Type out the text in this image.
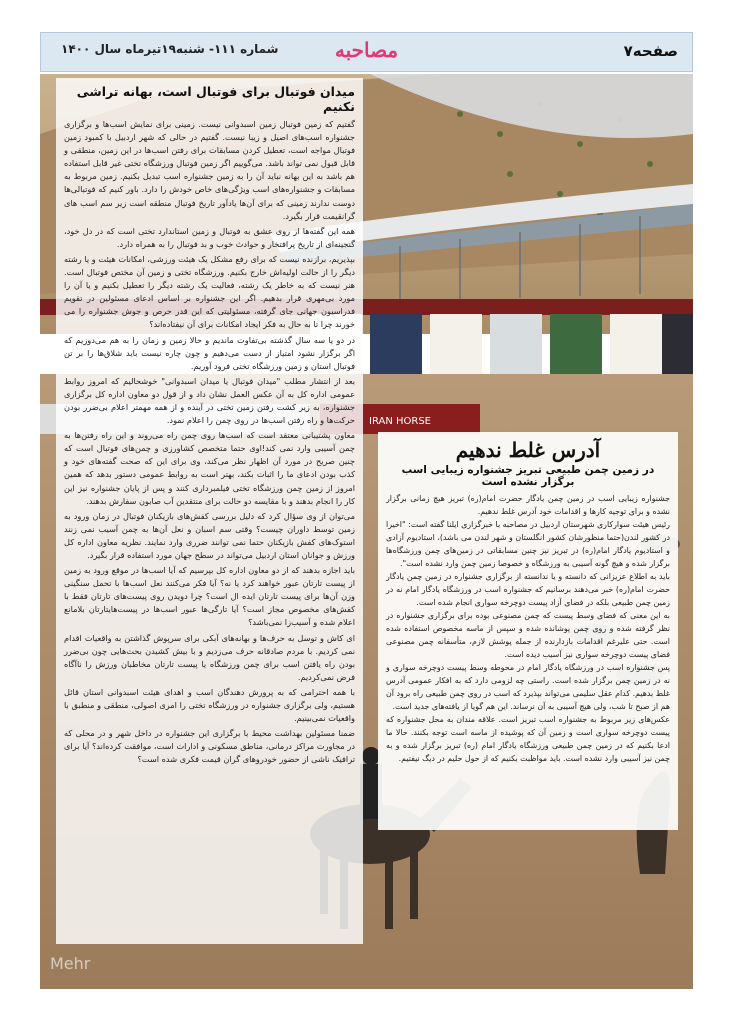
صفحه۷
مصاحبه
شماره ۱۱۱- شنبه۱۹تیرماه سال ۱۴۰۰
IRAN HORSE
Mehr
میدان فوتبال برای فوتبال است، بهانه تراشی نکنیم

گفتیم که زمین فوتبال زمین اسبدوانی نیست. زمینی برای نمایش اسب‌ها و برگزاری جشنواره اسب‌های اصیل و زیبا نیست. گفتیم در حالی که شهر اردبیل با کمبود زمین فوتبال مواجه است، تعطیل کردن مسابقات برای رفتن اسب‌ها در این زمین، منطقی و قابل قبول نمی تواند باشد. می‌گوییم اگر زمین فوتبال ورزشگاه تختی غیر قابل استفاده هم باشد به این بهانه نباید آن را به زمین جشنواره اسب تبدیل بکنیم. زمین مربوط به مسابقات و جشنواره‌های اسب ویژگی‌های خاص خودش را دارد. باور کنیم که فوتبالی‌ها دوست ندارند زمینی که برای آن‌ها یادآور تاریخ فوتبال منطقه است زیر سم اسب های گرانقیمت قرار بگیرد.

همه این گفته‌ها از روی عشق به فوتبال و زمین استاندارد تختی است که در دل خود، گنجینه‌ای از تاریخ پرافتخار و حوادث خوب و بد فوتبال را به همراه دارد.

بپذیریم، برازنده نیست که برای رفع مشکل یک هیئت ورزشی، امکانات هیئت و یا رشته دیگر را از حالت اولیه‌اش خارج بکنیم. ورزشگاه تختی و زمین آن مختص فوتبال است. هنر نیست که به خاطر یک رشته، فعالیت یک رشته دیگر را تعطیل بکنیم و یا آن را مورد بی‌مهری قرار بدهیم. اگر این جشنواره بر اساس ادعای مسئولین در تقویم فدراسیون جهانی جای گرفته، مسئولیتی که این قدر حرص و جوش جشنواره را می خورند چرا تا به حال به فکر ایجاد امکانات برای آن نیفتاده‌اند؟

در دو یا سه سال گذشته بی‌تفاوت ماندیم و حالا زمین و زمان را به هم می‌دوزیم که اگر برگزار نشود امتیاز از دست می‌دهیم و چون چاره نیست باید شلاق‌ها را بر تن فوتبال استان و زمین ورزشگاه تختی فرود آوریم.

بعد از انتشار مطلب "میدان فوتبال یا میدان اسبدوانی" خوشحالیم که امروز روابط عمومی اداره کل به آن عکس العمل نشان داد و از قول دو معاون اداره کل برگزاری جشنواره، به زیر کشت رفتن زمین تختی در آینده و از همه مهمتر اعلام بی‌ضرر بودن حرکت‌ها و راه رفتن اسب‌ها در روی چمن را اعلام نمود.

معاون پشتیبانی معتقد است که اسب‌ها روی چمن راه می‌روند و این راه رفتن‌ها به چمن آسیبی وارد نمی کند!اوی حتما متخصص کشاورزی و چمن‌های فوتبال است که چنین صریح در مورد آن اظهار نظر می‌کند، وی برای این که صحت گفته‌های خود و کذب بودن ادعای ما را اثبات بکند، بهتر است به روابط عمومی دستور بدهد که همین امروز از زمین چمن ورزشگاه تختی فیلمبرداری کنند و پس از پایان جشنواره نیز این کار را انجام بدهند و با مقایسه دو حالت برای منتقدین آب صابون سفارش بدهند.

می‌توان از وی سؤال کرد که دلیل بررسی کفش‌های بازیکنان فوتبال در زمان ورود به زمین توسط داوران چیست؟ وقتی سم اسبان و نعل آن‌ها به چمن آسیب نمی زنند استوک‌های کفش بازیکنان حتما نمی توانند ضرری وارد نمایند. نظریه معاون اداره کل ورزش و جوانان استان اردبیل می‌تواند در سطح جهان مورد استفاده قرار بگیرد.

باید اجازه بدهند که از دو معاون اداره کل بپرسیم که آیا اسب‌ها در موقع ورود به زمین از پیست تارتان عبور خواهند کرد یا نه؟ آیا فکر می‌کنند نعل اسب‌ها با تحمل سنگینی وزن آن‌ها برای پیست تارتان ایده ال است؟ چرا دویدن روی پیست‌های تارتان فقط با کفش‌های مخصوص مجاز است؟ آیا تارگی‌ها عبور اسب‌ها در پیست‌هایتارتان بلامانع اعلام شده و آسیب‌زا نمی‌باشد؟

ای کاش و توسل به حرف‌ها و بهانه‌های آبکی برای سرپوش گذاشتن به واقعیات اقدام نمی کردیم. با مردم صادقانه حرف می‌زدیم و با بیش کشیدن بحث‌هایی چون بی‌ضرر بودن راه یافتن اسب برای چمن ورزشگاه یا پیست تارتان مخاطبان ورزش را ناآگاه فرض نمی‌کردیم.

با همه احترامی که به پرورش دهندگان اسب و اهدای هیئت اسبدوانی استان قائل هستیم، ولی برگزاری جشنواره در ورزشگاه تختی را امری اصولی، منطقی و منطبق با واقعیات نمی‌بینیم.

ضمنا مسئولین بهداشت محیط با برگزاری این جشنواره در داخل شهر و در محلی که در مجاورت مراکز درمانی، مناطق مسکونی و ادارات است، موافقت کرده‌اند؟ آیا برای ترافیک ناشی از حضور خودروهای گران قیمت فکری شده است؟

آدرس غلط ندهیم
در زمین چمن طبیعی تبریز جشنواره زیبایی اسب برگزار نشده است

جشنواره زیبایی اسب در زمین چمن یادگار حضرت امام(ره) تبریز هیچ زمانی برگزار نشده و برای توجیه کارها و اقدامات خود آدرس غلط ندهیم.

رئیس هیئت سوارکاری شهرستان اردبیل در مصاحبه با خبرگزاری ایلنا گفته است: "اخیرا در کشور لندن(حتما منظورشان کشور انگلستان و شهر لندن می باشد)، استادیوم آزادی و استادیوم یادگار امام(ره) در تبریز نیز چنین مسابقاتی در زمین‌های چمن ورزشگاه‌ها برگزار شده و هیچ گونه آسیبی به ورزشگاه و خصوصا زمین چمن وارد نشده است".

باید به اطلاع عزیزانی که دانسته و یا ندانسته از برگزاری جشنواره در زمین چمن یادگار حضرت امام(ره) خبر می‌دهند برسانیم که جشنواره اسب در ورزشگاه یادگار امام نه در زمین چمن طبیعی بلکه در فضای آزاد پیست دوچرخه سواری انجام شده است.

به این معنی که فضای وسط پیست که چمن مصنوعی بوده برای برگزاری جشنواره در نظر گرفته شده و روی چمن پوشانده شده و سپس از ماسه مخصوص استفاده شده است. حتی علیرغم اقدامات بازدارنده از جمله پوشش لازم، متأسفانه چمن مصنوعی فضای پیست دوچرخه سواری نیز آسیب دیده است.

پس جشنواره اسب در ورزشگاه یادگار امام در محوطه وسط پیست دوچرخه سواری و نه در زمین چمن برگزار شده است. راستی چه لزومی دارد که به افکار عمومی آدرس غلط بدهیم. کدام عقل سلیمی می‌تواند بپذیرد که اسب در روی چمن طبیعی راه برود آن هم از صبح تا شب، ولی هیچ آسیبی به آن نرساند. این هم گویا از یافته‌های جدید است.

عکس‌های زیر مربوط به جشنواره اسب تبریز است. علاقه مندان به محل جشنواره که پیست دوچرخه سواری است و زمین آن که پوشیده از ماسه است توجه بکنند. حالا ما ادعا بکنیم که در زمین چمن طبیعی ورزشگاه یادگار امام (ره) تبریز برگزار شده و به چمن نیز آسیبی وارد نشده است. باید مواظبت بکنیم که از حول حلیم در دیگ نیفتیم.
